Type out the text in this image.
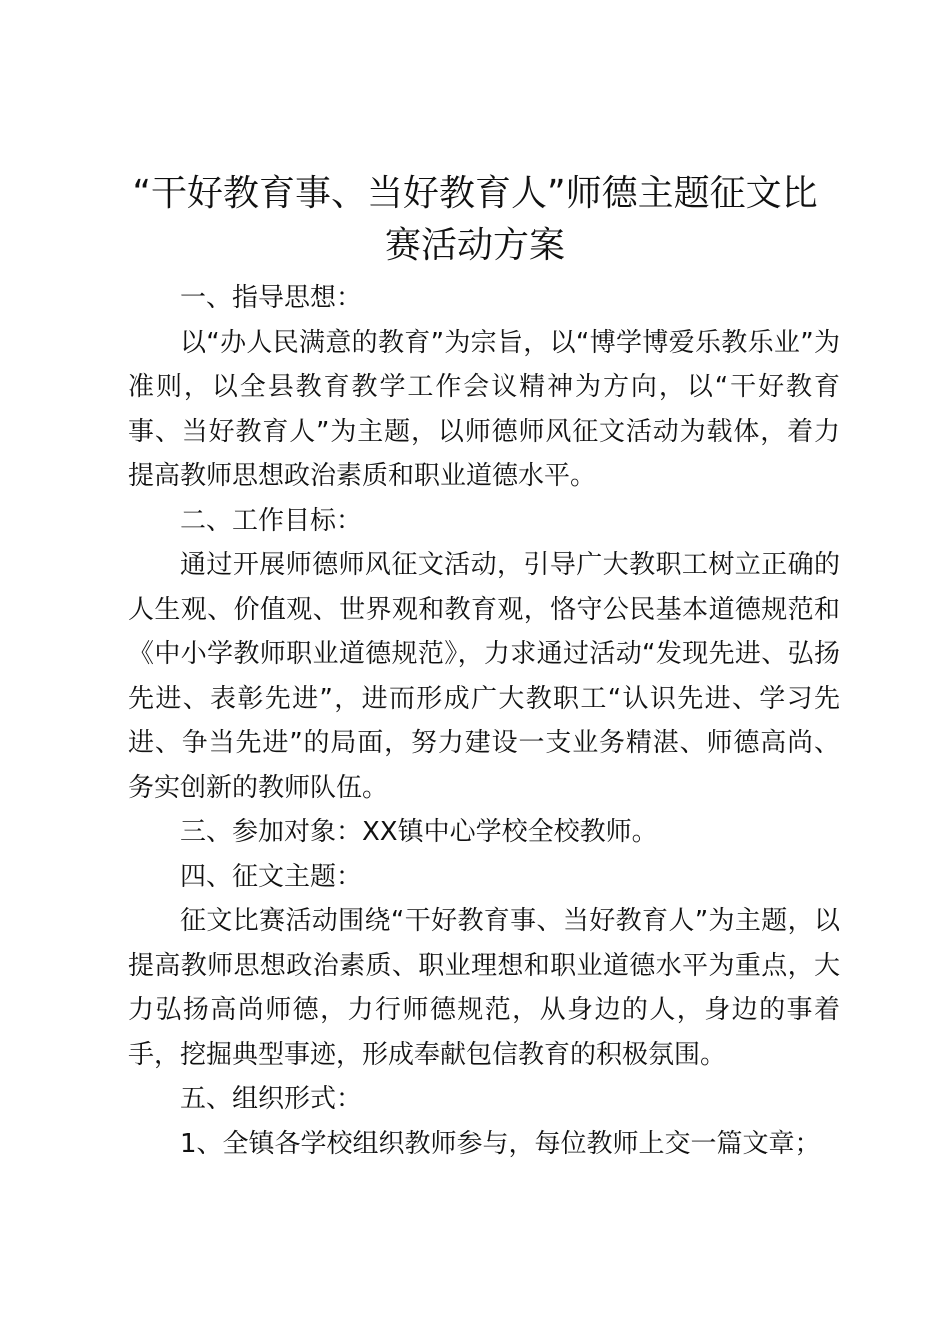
“干好教育事、当好教育人”师德主题征文比赛活动方案

一、指导思想：

以“办人民满意的教育”为宗旨，以“博学博爱乐教乐业”为准则，以全县教育教学工作会议精神为方向，以“干好教育事、当好教育人”为主题，以师德师风征文活动为载体，着力提高教师思想政治素质和职业道德水平。

二、工作目标：

通过开展师德师风征文活动，引导广大教职工树立正确的人生观、价值观、世界观和教育观，恪守公民基本道德规范和《中小学教师职业道德规范》，力求通过活动“发现先进、弘扬先进、表彰先进”，进而形成广大教职工“认识先进、学习先进、争当先进”的局面，努力建设一支业务精湛、师德高尚、务实创新的教师队伍。

三、参加对象：XX镇中心学校全校教师。

四、征文主题：

征文比赛活动围绕“干好教育事、当好教育人”为主题，以提高教师思想政治素质、职业理想和职业道德水平为重点，大力弘扬高尚师德，力行师德规范，从身边的人，身边的事着手，挖掘典型事迹，形成奉献包信教育的积极氛围。

五、组织形式：

1、全镇各学校组织教师参与，每位教师上交一篇文章；
